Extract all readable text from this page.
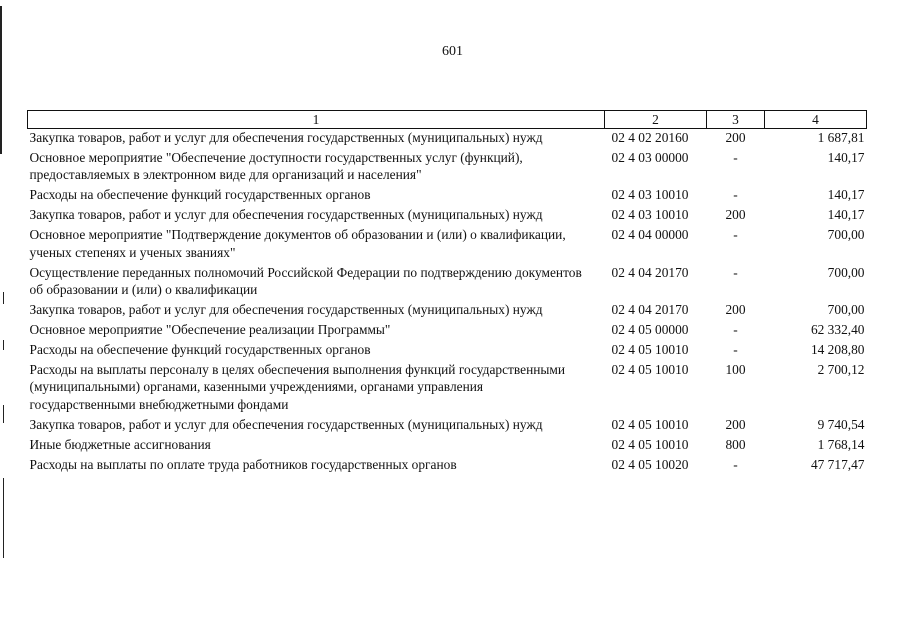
601
1	2	3	4
Закупка товаров, работ и услуг для обеспечения государственных (муниципальных) нужд	02 4 02 20160	200	1 687,81
Основное мероприятие "Обеспечение доступности государственных услуг (функций), предоставляемых в электронном виде для организаций и населения"	02 4 03 00000	-	140,17
Расходы на обеспечение функций государственных органов	02 4 03 10010	-	140,17
Закупка товаров, работ и услуг для обеспечения государственных (муниципальных) нужд	02 4 03 10010	200	140,17
Основное мероприятие "Подтверждение документов об образовании и (или) о квалификации, ученых степенях и ученых званиях"	02 4 04 00000	-	700,00
Осуществление переданных полномочий Российской Федерации по подтверждению документов об образовании и (или) о квалификации	02 4 04 20170	-	700,00
Закупка товаров, работ и услуг для обеспечения государственных (муниципальных) нужд	02 4 04 20170	200	700,00
Основное мероприятие "Обеспечение реализации Программы"	02 4 05 00000	-	62 332,40
Расходы на обеспечение функций государственных органов	02 4 05 10010	-	14 208,80
Расходы на выплаты персоналу в целях обеспечения выполнения функций государственными (муниципальными) органами, казенными учреждениями, органами управления государственными внебюджетными фондами	02 4 05 10010	100	2 700,12
Закупка товаров, работ и услуг для обеспечения государственных (муниципальных) нужд	02 4 05 10010	200	9 740,54
Иные бюджетные ассигнования	02 4 05 10010	800	1 768,14
Расходы на выплаты по оплате труда работников государственных органов	02 4 05 10020	-	47 717,47
